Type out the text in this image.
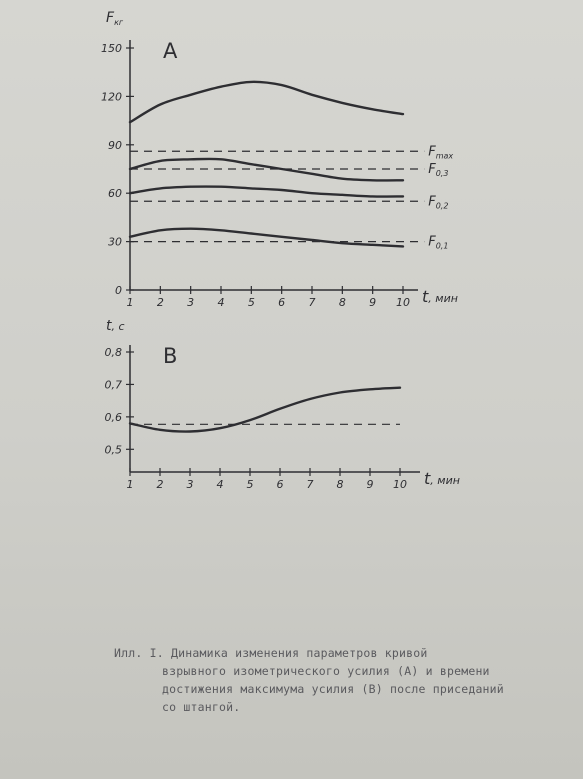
1 2 3 4 5 6 7 8 9 10
0
30
60
90
120
150
$F_{кг}$
t, мин
A
$F_{max}$
$F_{0,3}$
$F_{0,2}$
$F_{0,1}$
1 2 3 4 5 6 7 8 9 10
0,5
0,6
0,7
0,8
t, с
t, мин
B
Илл. I. Динамика изменения параметров кривой
взрывного изометрического усилия (А) и времени
достижения максимума усилия (В) после приседаний
со штангой.
